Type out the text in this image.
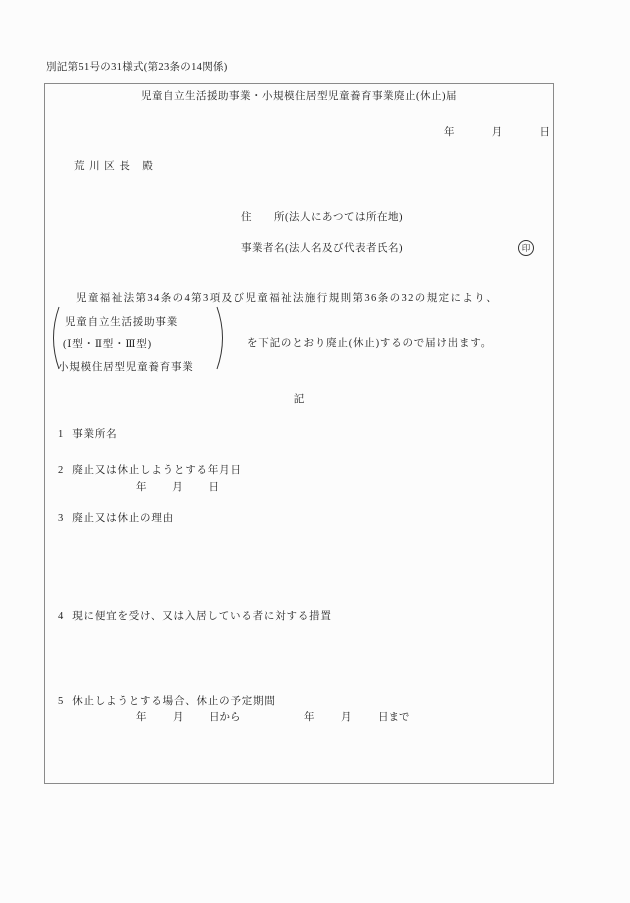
別記第51号の31様式(第23条の14関係)
児童自立生活援助事業・小規模住居型児童養育事業廃止(休止)届
年	月	日
荒 川 区 長　殿
住　　所(法人にあつては所在地)
事業者名(法人名及び代表者氏名)	印
児童福祉法第34条の4第3項及び児童福祉法施行規則第36条の32の規定により、
児童自立生活援助事業
(Ⅰ型・Ⅱ型・Ⅲ型)
小規模住居型児童養育事業
を下記のとおり廃止(休止)するので届け出ます。
記
1 事業所名
2 廃止又は休止しようとする年月日
年 月 日
3 廃止又は休止の理由
4 現に便宜を受け、又は入居している者に対する措置
5 休止しようとする場合、休止の予定期間
年	月 日から	年	月	日まで
